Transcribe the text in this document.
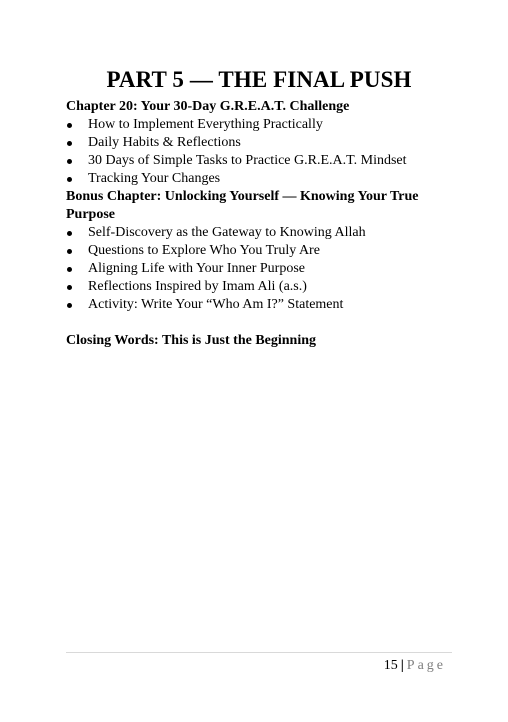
PART 5 — THE FINAL PUSH

Chapter 20: Your 30-Day G.R.E.A.T. Challenge

How to Implement Everything Practically
Daily Habits & Reflections
30 Days of Simple Tasks to Practice G.R.E.A.T. Mindset
Tracking Your Changes

Bonus Chapter: Unlocking Yourself — Knowing Your True Purpose

Self-Discovery as the Gateway to Knowing Allah
Questions to Explore Who You Truly Are
Aligning Life with Your Inner Purpose
Reflections Inspired by Imam Ali (a.s.)
Activity: Write Your “Who Am I?” Statement

Closing Words: This is Just the Beginning

15 | Page
